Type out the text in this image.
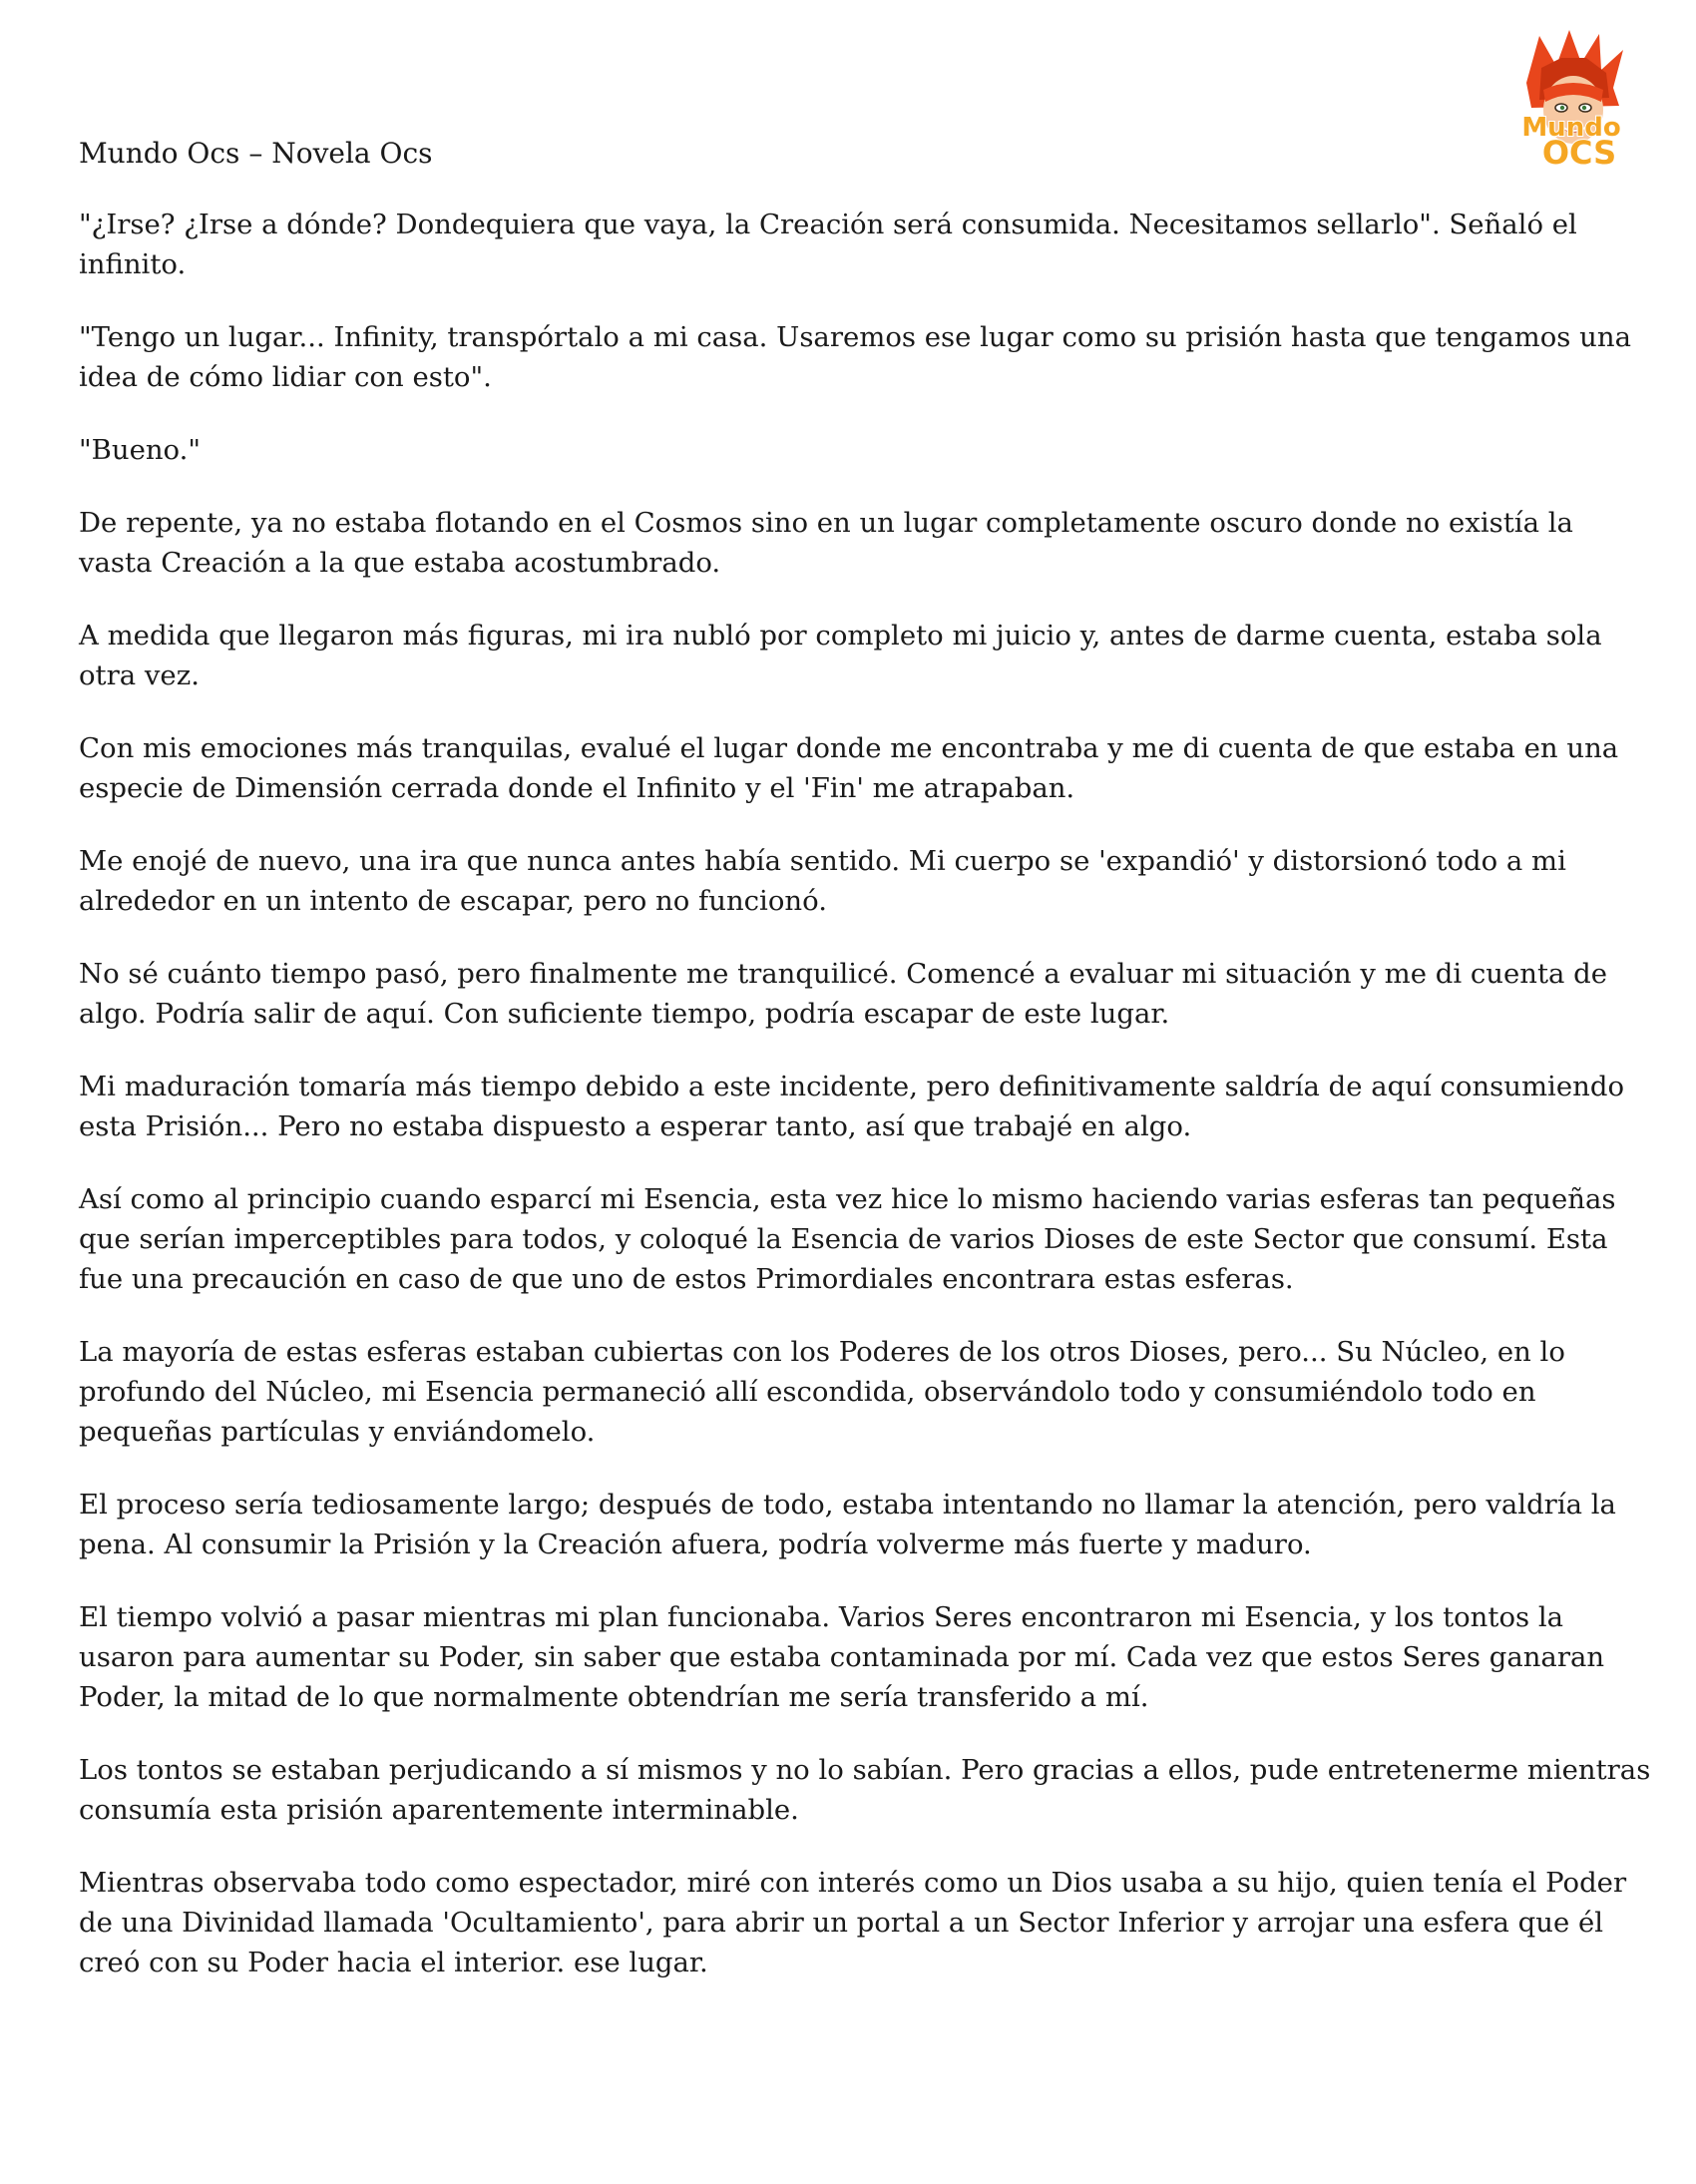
Mundo
OCS
Mundo Ocs – Novela Ocs

"¿Irse? ¿Irse a dónde? Dondequiera que vaya, la Creación será consumida. Necesitamos sellarlo". Señaló el infinito.

"Tengo un lugar... Infinity, transpórtalo a mi casa. Usaremos ese lugar como su prisión hasta que tengamos una idea de cómo lidiar con esto".

"Bueno."

De repente, ya no estaba flotando en el Cosmos sino en un lugar completamente oscuro donde no existía la vasta Creación a la que estaba acostumbrado.

A medida que llegaron más figuras, mi ira nubló por completo mi juicio y, antes de darme cuenta, estaba sola otra vez.

Con mis emociones más tranquilas, evalué el lugar donde me encontraba y me di cuenta de que estaba en una especie de Dimensión cerrada donde el Infinito y el 'Fin' me atrapaban.

Me enojé de nuevo, una ira que nunca antes había sentido. Mi cuerpo se 'expandió' y distorsionó todo a mi alrededor en un intento de escapar, pero no funcionó.

No sé cuánto tiempo pasó, pero finalmente me tranquilicé. Comencé a evaluar mi situación y me di cuenta de algo. Podría salir de aquí. Con suficiente tiempo, podría escapar de este lugar.

Mi maduración tomaría más tiempo debido a este incidente, pero definitivamente saldría de aquí consumiendo esta Prisión... Pero no estaba dispuesto a esperar tanto, así que trabajé en algo.

Así como al principio cuando esparcí mi Esencia, esta vez hice lo mismo haciendo varias esferas tan pequeñas que serían imperceptibles para todos, y coloqué la Esencia de varios Dioses de este Sector que consumí. Esta fue una precaución en caso de que uno de estos Primordiales encontrara estas esferas.

La mayoría de estas esferas estaban cubiertas con los Poderes de los otros Dioses, pero... Su Núcleo, en lo profundo del Núcleo, mi Esencia permaneció allí escondida, observándolo todo y consumiéndolo todo en pequeñas partículas y enviándomelo.

El proceso sería tediosamente largo; después de todo, estaba intentando no llamar la atención, pero valdría la pena. Al consumir la Prisión y la Creación afuera, podría volverme más fuerte y maduro.

El tiempo volvió a pasar mientras mi plan funcionaba. Varios Seres encontraron mi Esencia, y los tontos la usaron para aumentar su Poder, sin saber que estaba contaminada por mí. Cada vez que estos Seres ganaran Poder, la mitad de lo que normalmente obtendrían me sería transferido a mí.

Los tontos se estaban perjudicando a sí mismos y no lo sabían. Pero gracias a ellos, pude entretenerme mientras consumía esta prisión aparentemente interminable.

Mientras observaba todo como espectador, miré con interés como un Dios usaba a su hijo, quien tenía el Poder de una Divinidad llamada 'Ocultamiento', para abrir un portal a un Sector Inferior y arrojar una esfera que él creó con su Poder hacia el interior. ese lugar.
